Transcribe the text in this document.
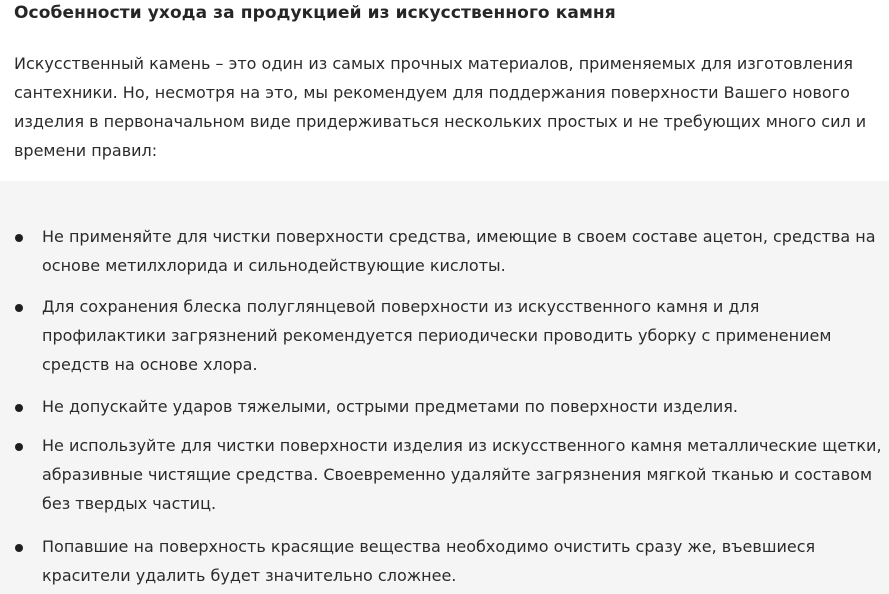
Особенности ухода за продукцией из искусственного камня

Искусственный камень – это один из самых прочных материалов, применяемых для изготовления
сантехники. Но, несмотря на это, мы рекомендуем для поддержания поверхности Вашего нового
изделия в первоначальном виде придерживаться нескольких простых и не требующих много сил и
времени правил:

Не применяйте для чистки поверхности средства, имеющие в своем составе ацетон, средства на
основе метилхлорида и сильнодействующие кислоты.
Для сохранения блеска полуглянцевой поверхности из искусственного камня и для
профилактики загрязнений рекомендуется периодически проводить уборку с применением
средств на основе хлора.
Не допускайте ударов тяжелыми, острыми предметами по поверхности изделия.
Не используйте для чистки поверхности изделия из искусственного камня металлические щетки,
абразивные чистящие средства. Своевременно удаляйте загрязнения мягкой тканью и составом
без твердых частиц.
Попавшие на поверхность красящие вещества необходимо очистить сразу же, въевшиеся
красители удалить будет значительно сложнее.
